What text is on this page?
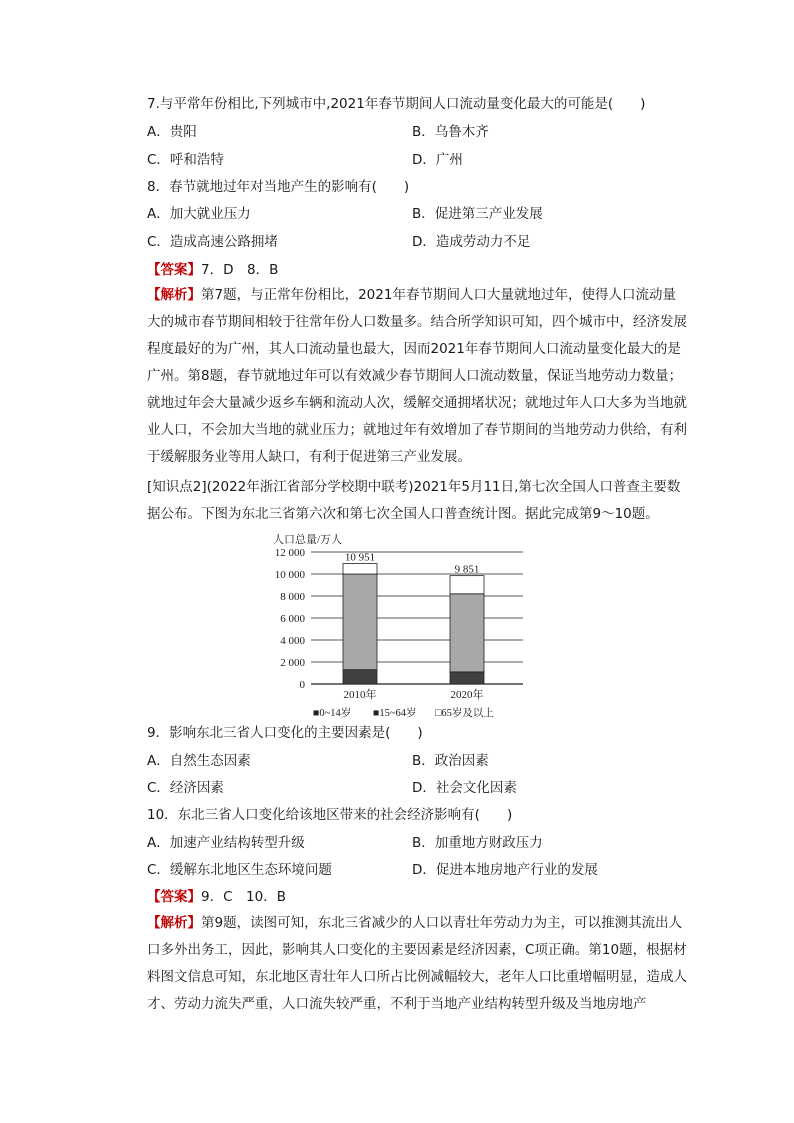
7.与平常年份相比,下列城市中,2021年春节期间人口流动量变化最大的可能是(　　)
A．贵阳	B．乌鲁木齐
C．呼和浩特	D．广州
8．春节就地过年对当地产生的影响有(　　)
A．加大就业压力	B．促进第三产业发展
C．造成高速公路拥堵	D．造成劳动力不足
【答案】7．D　8．B
【解析】第7题，与正常年份相比，2021年春节期间人口大量就地过年，使得人口流动量大的城市春节期间相较于往常年份人口数量多。结合所学知识可知，四个城市中，经济发展程度最好的为广州，其人口流动量也最大，因而2021年春节期间人口流动量变化最大的是广州。第8题，春节就地过年可以有效减少春节期间人口流动数量，保证当地劳动力数量；就地过年会大量减少返乡车辆和流动人次，缓解交通拥堵状况；就地过年人口大多为当地就业人口，不会加大当地的就业压力；就地过年有效增加了春节期间的当地劳动力供给，有利于缓解服务业等用人缺口，有利于促进第三产业发展。
[知识点2](2022年浙江省部分学校期中联考)2021年5月11日,第七次全国人口普查主要数据公布。下图为东北三省第六次和第七次全国人口普查统计图。据此完成第9～10题。
人口总量/万人
0
2 000
4 000
6 000
8 000
10 000
12 000
2010年	2020年
10 951
9 851
■0~14岁 ■15~64岁 □65岁及以上
9．影响东北三省人口变化的主要因素是(　　)
A．自然生态因素	B．政治因素
C．经济因素	D．社会文化因素
10．东北三省人口变化给该地区带来的社会经济影响有(　　)
A．加速产业结构转型升级	B．加重地方财政压力
C．缓解东北地区生态环境问题	D．促进本地房地产行业的发展
【答案】9．C　10．B
【解析】第9题，读图可知，东北三省减少的人口以青壮年劳动力为主，可以推测其流出人口多外出务工，因此，影响其人口变化的主要因素是经济因素，C项正确。第10题，根据材料图文信息可知，东北地区青壮年人口所占比例减幅较大，老年人口比重增幅明显，造成人才、劳动力流失严重，人口流失较严重，不利于当地产业结构转型升级及当地房地产
